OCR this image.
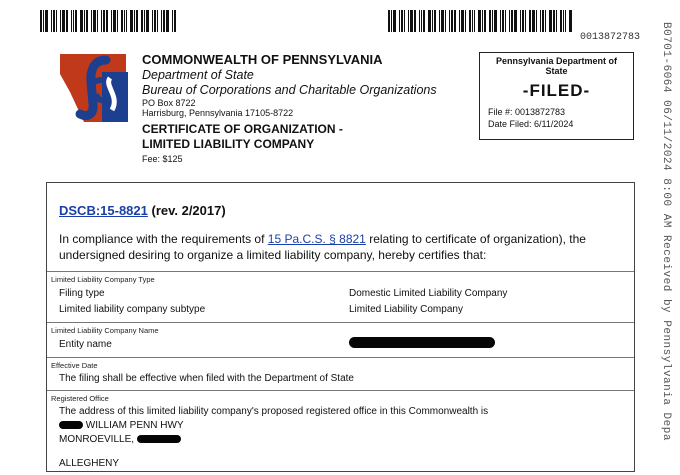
0013872783 B0701-6064 06/11/2024 8:00 AM Received by Pennsylvania Depa
COMMONWEALTH OF PENNSYLVANIA
Department of State
Bureau of Corporations and Charitable Organizations
PO Box 8722
Harrisburg, Pennsylvania 17105-8722
CERTIFICATE OF ORGANIZATION -
LIMITED LIABILITY COMPANY
Fee: $125
Pennsylvania Department of State
-FILED-
File #: 0013872783
Date Filed: 6/11/2024
DSCB:15-8821 (rev. 2/2017)
In compliance with the requirements of 15 Pa.C.S. § 8821 relating to certificate of organization), the undersigned desiring to organize a limited liability company, hereby certifies that:
Limited Liability Company Type
Filing type	Domestic Limited Liability Company
Limited liability company subtype	Limited Liability Company
Limited Liability Company Name
Entity name
Effective Date
The filing shall be effective when filed with the Department of State
Registered Office
The address of this limited liability company's proposed registered office in this Commonwealth is
WILLIAM PENN HWY
MONROEVILLE,
ALLEGHENY
